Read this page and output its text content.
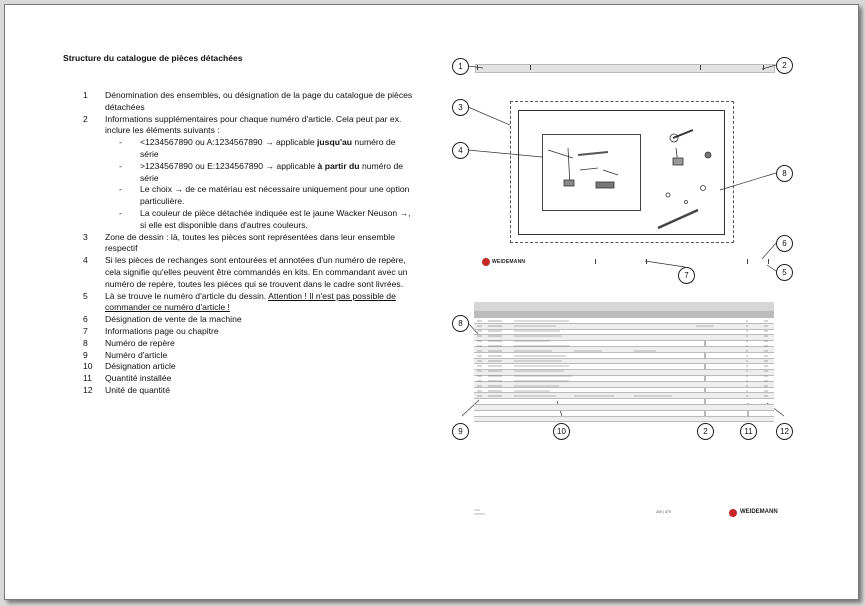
Structure du catalogue de pièces détachées
1	Dénomination des ensembles, ou désignation de la page du catalogue de pièces détachées
2	Informations supplémentaires pour chaque numéro d'article. Cela peut par ex. inclure les éléments suivants :
- <1234567890 ou A:1234567890 → applicable jusqu'au numéro de série
- >1234567890 ou E:1234567890 → applicable à partir du numéro de série
- Le choix → de ce matériau est nécessaire uniquement pour une option particulière.
- La couleur de pièce détachée indiquée est le jaune Wacker Neuson →, si elle est disponible dans d'autres couleurs.
3	Zone de dessin : là, toutes les pièces sont représentées dans leur ensemble respectif
4	Si les pièces de rechanges sont entourées et annotées d'un numéro de repère, cela signifie qu'elles peuvent être commandés en kits. En commandant avec un numéro de repère, toutes les pièces qui se trouvent dans le cadre sont livrées.
5	Là se trouve le numéro d'article du dessin. Attention ! Il n'est pas possible de commander ce numéro d'article !
6	Désignation de vente de la machine
7	Informations page ou chapitre
8	Numéro de repère
9	Numéro d'article
10	Désignation article
11	Quantité installée
12	Unité de quantité
WEIDEMANN
1	2
3
4
8
6
5
7
8
9	10	2	11	12
200 | 470	WEIDEMANN
